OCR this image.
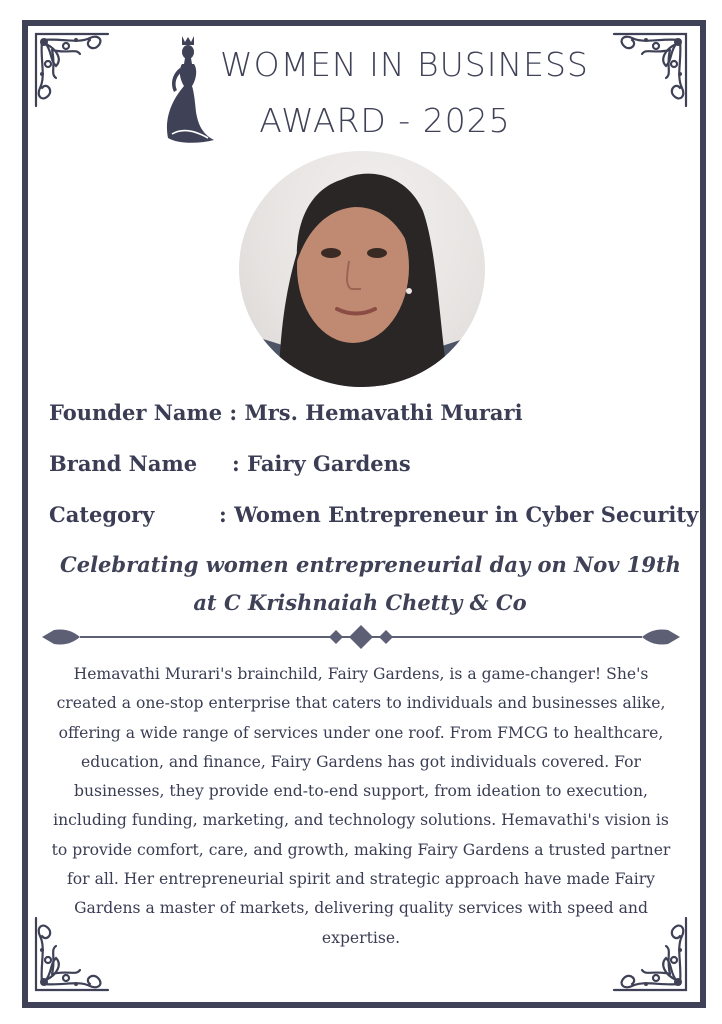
WOMEN IN BUSINESS
AWARD - 2025
Founder Name : Mrs. Hemavathi Murari
Brand Name : Fairy Gardens
Category	: Women Entrepreneur in Cyber Security
Celebrating women entrepreneurial day on Nov 19th
at C Krishnaiah Chetty & Co
Hemavathi Murari's brainchild, Fairy Gardens, is a game-changer! She's created a one-stop enterprise that caters to individuals and businesses alike, offering a wide range of services under one roof. From FMCG to healthcare, education, and finance, Fairy Gardens has got individuals covered. For businesses, they provide end-to-end support, from ideation to execution, including funding, marketing, and technology solutions. Hemavathi's vision is to provide comfort, care, and growth, making Fairy Gardens a trusted partner for all. Her entrepreneurial spirit and strategic approach have made Fairy Gardens a master of markets, delivering quality services with speed and expertise.
